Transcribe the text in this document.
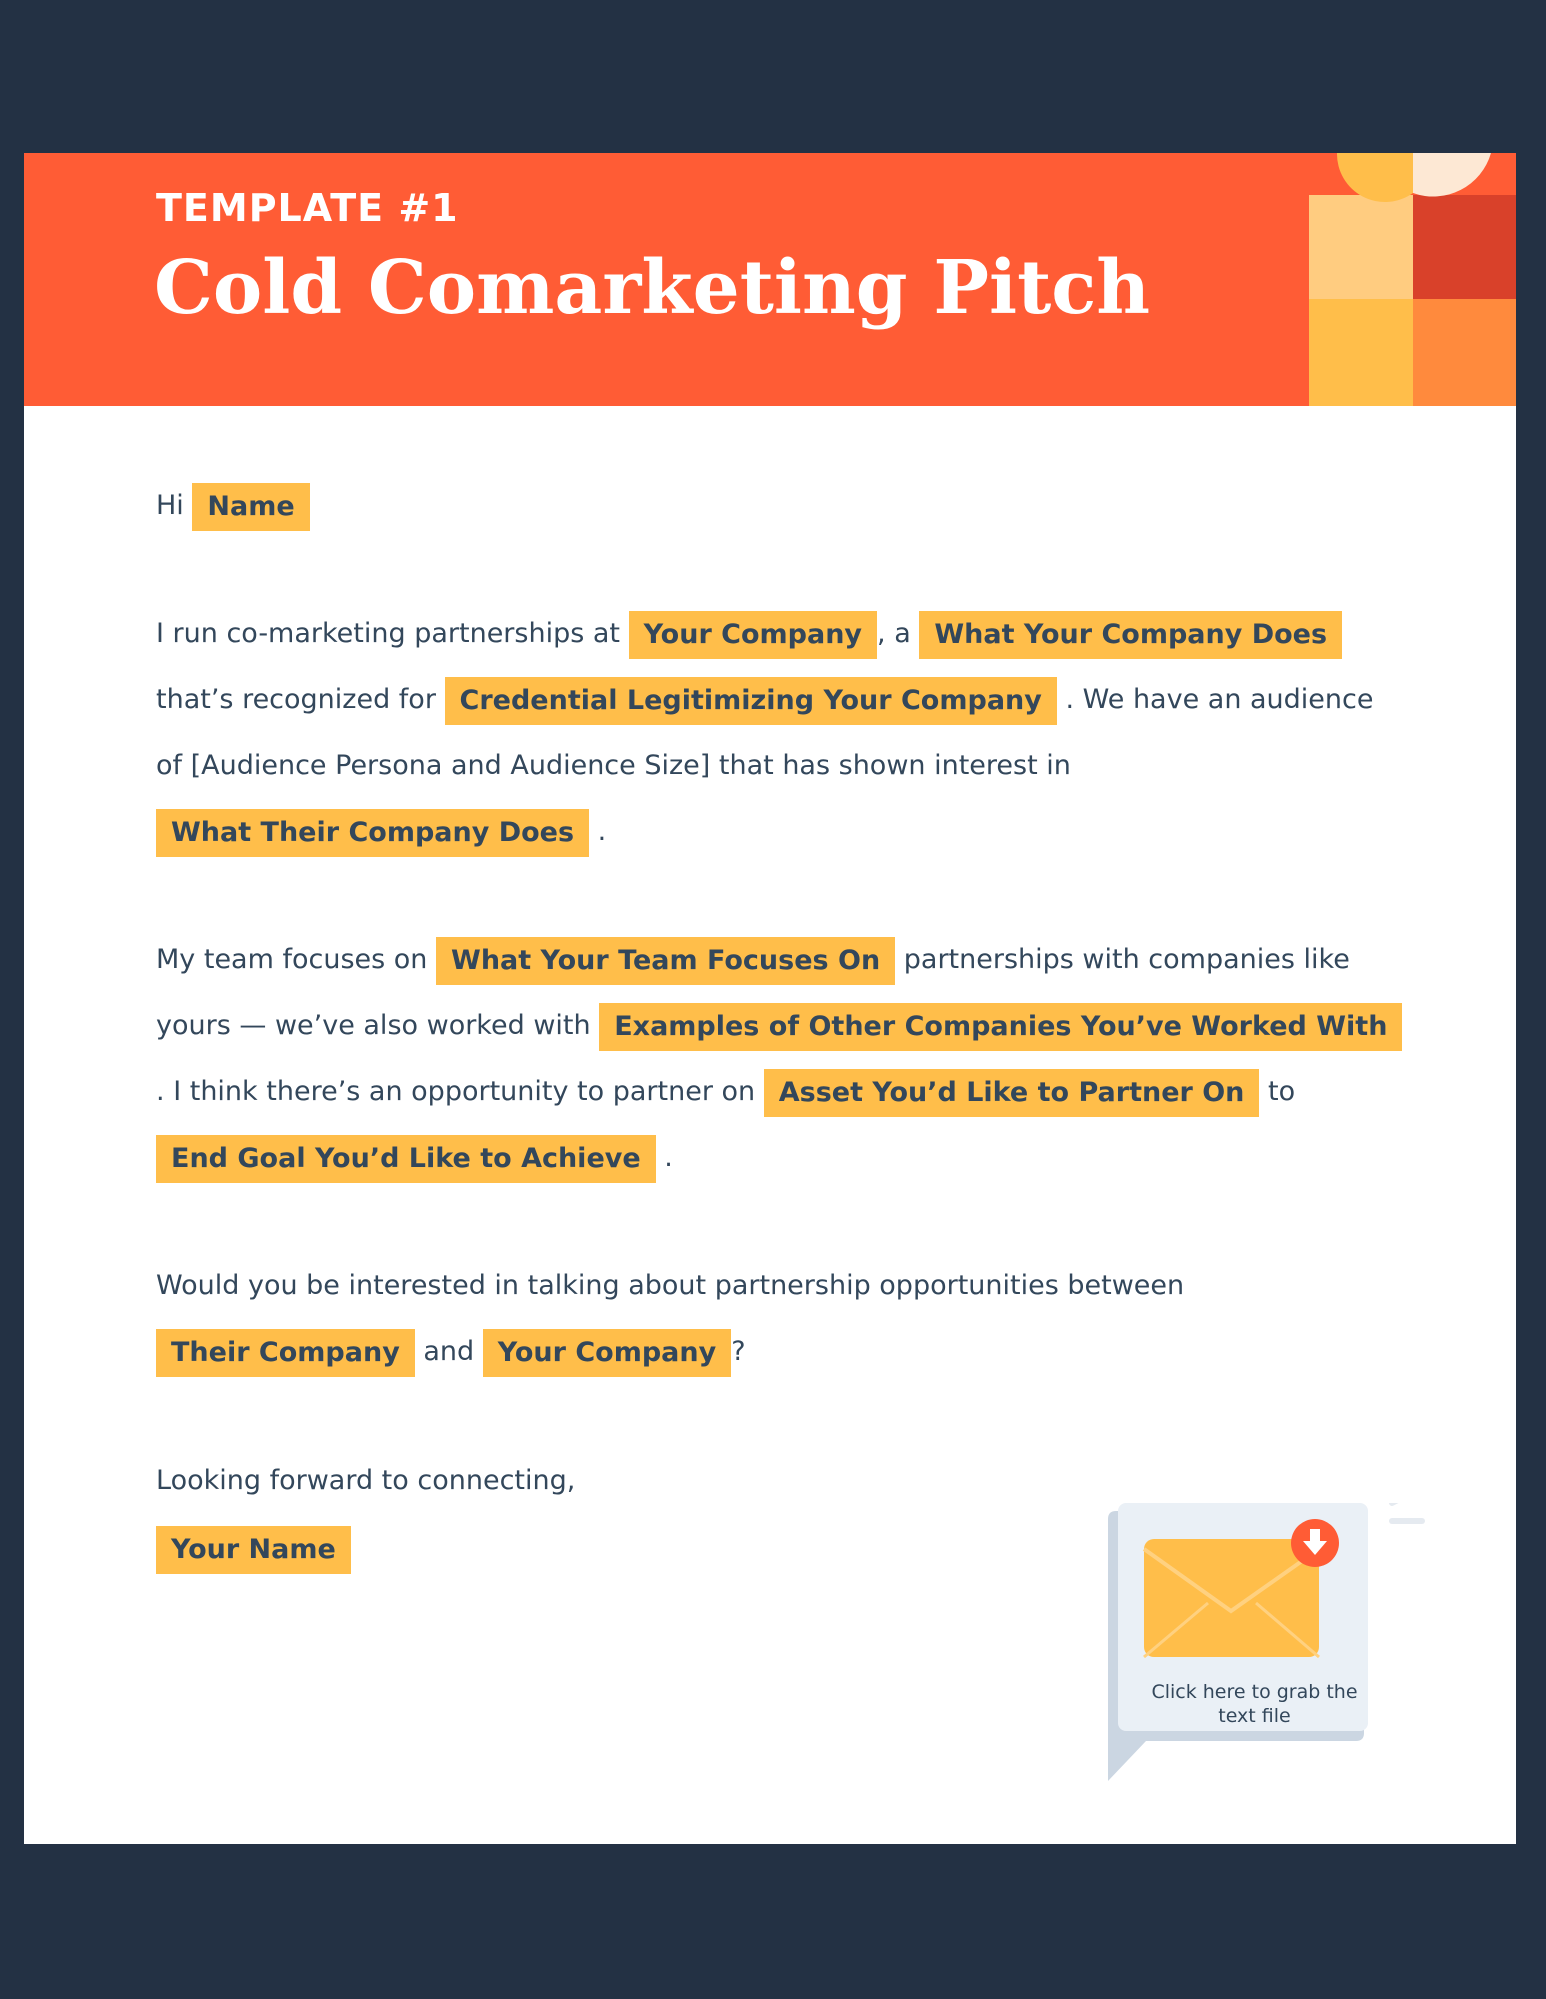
TEMPLATE #1
Cold Comarketing Pitch

Hi Name

I run co-marketing partnerships at Your Company , a What Your Company Does that’s recognized for Credential Legitimizing Your Company . We have an audience of [Audience Persona and Audience Size] that has shown interest in What Their Company Does .

My team focuses on What Your Team Focuses On partnerships with companies like yours — we’ve also worked with Examples of Other Companies You’ve Worked With. I think there’s an opportunity to partner on Asset You’d Like to Partner On to End Goal You’d Like to Achieve .

Would you be interested in talking about partnership opportunities between Their Company and Your Company ?

Looking forward to connecting,
Your Name

Click here to grab the text file
